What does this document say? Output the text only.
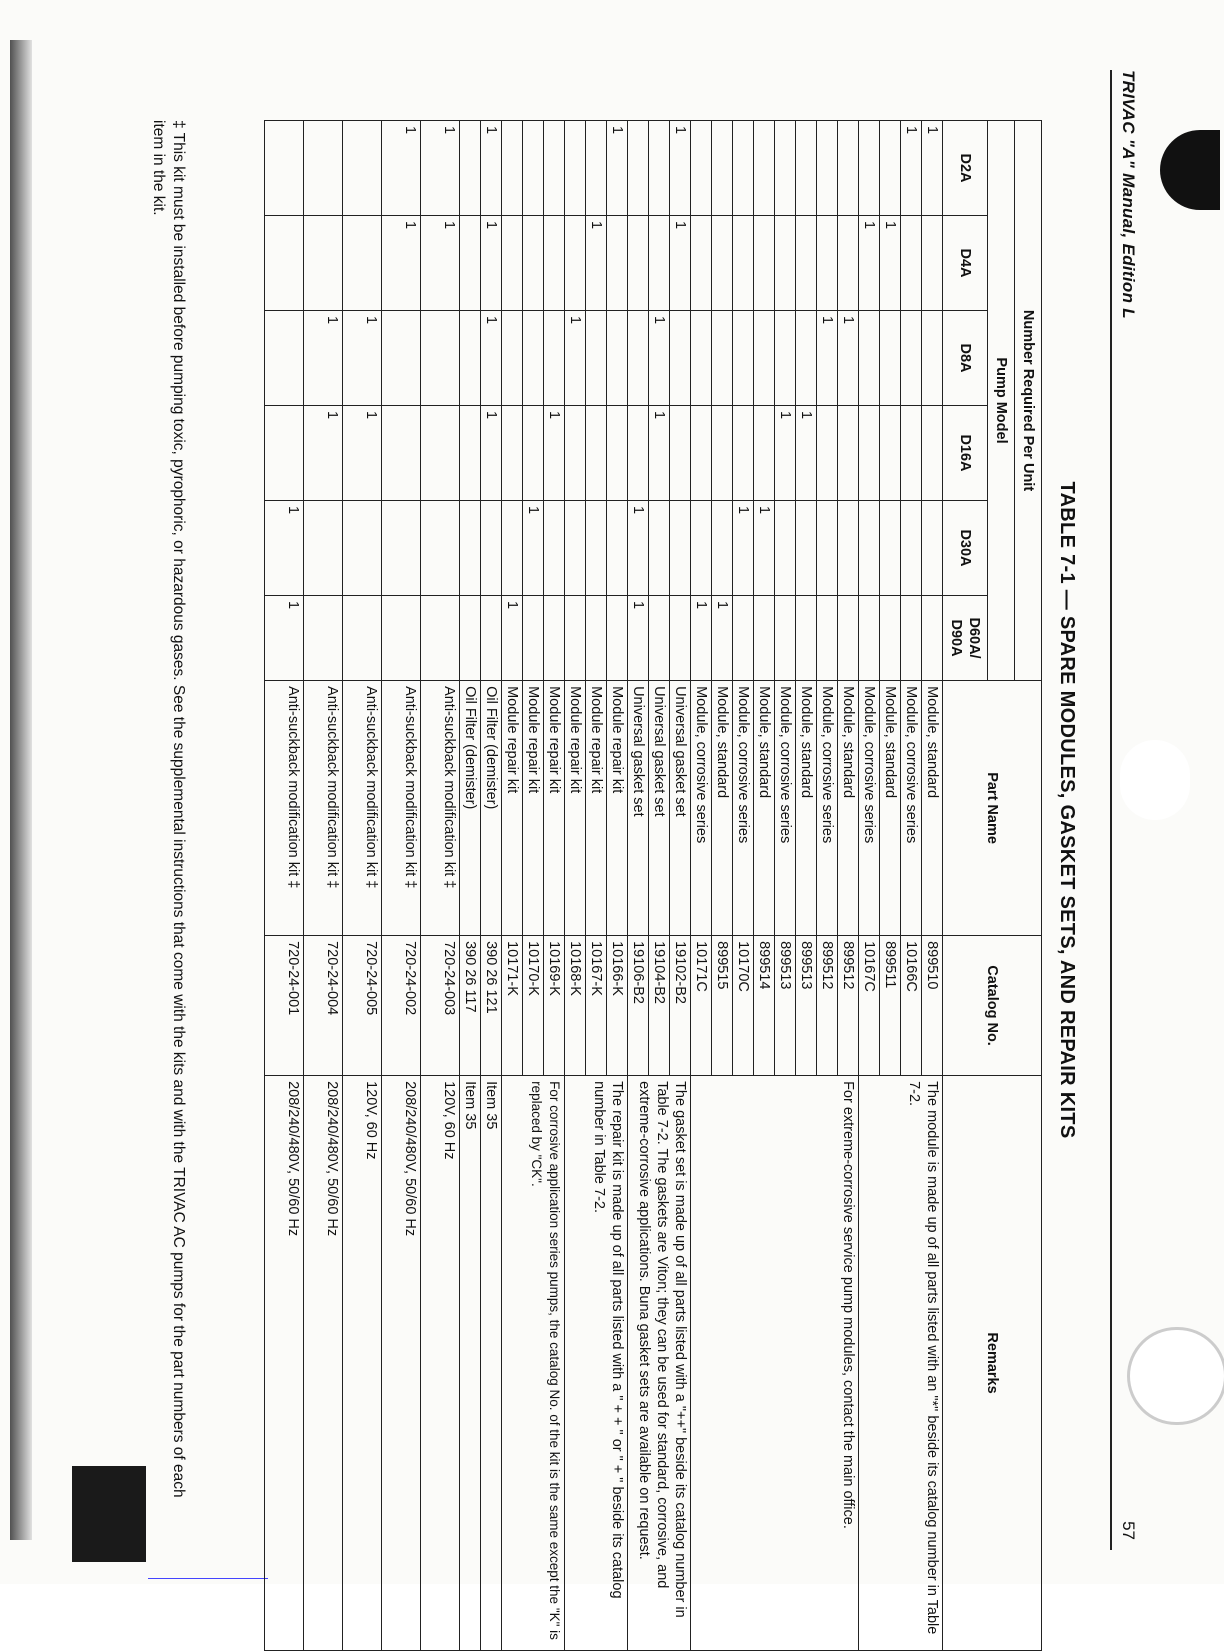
TRIVAC "A" Manual, Edition L
57
TABLE 7-1 — SPARE MODULES, GASKET SETS, AND REPAIR KITS
Number Required Per Unit						Part Name	Catalog No.	Remarks
Pump Model								
D2A	D4A	D8A	D16A	D30A	D60A/ D90A			
1						Module, standard	899510	The module is made up of all parts listed with an "*" beside its catalog number in Table 7-2.
1						Module, corrosive series	10166C	
	1					Module, standard	899511	
	1					Module, corrosive series	10167C	
		1				Module, standard	899512	For extreme-corrosive service pump modules, contact the main office.
		1				Module, corrosive series	899512	
			1			Module, standard	899513	
			1			Module, corrosive series	899513	
				1		Module, standard	899514	
				1		Module, corrosive series	10170C	
					1	Module, standard	899515	
					1	Module, corrosive series	10171C	
1	1					Universal gasket set	19102-B2	The gasket set is made up of all parts listed with a "++" beside its catalog number in Table 7-2. The gaskets are Viton; they can be used for standard, corrosive, and extreme-corrosive applications. Buna gasket sets are available on request.
		1	1			Universal gasket set	19104-B2	
				1	1	Universal gasket set	19106-B2	
1						Module repair kit	10166-K	The repair kit is made up of all parts listed with a " + + " or " + " beside its catalog number in Table 7-2.
	1					Module repair kit	10167-K	
		1				Module repair kit	10168-K	
			1			Module repair kit	10169-K	For corrosive application series pumps, the catalog No. of the kit is the same except the "K" is replaced by "CK".
				1		Module repair kit	10170-K	
					1	Module repair kit	10171-K	
1	1	1	1			Oil Filter (demister)	390 26 121	Item 35
						Oil Filter (demister)	390 26 117	Item 35
1	1					Anti-suckback modification kit ‡	720-24-003	120V, 60 Hz
1	1					Anti-suckback modification kit ‡	720-24-002	208/240/480V, 50/60 Hz
		1	1			Anti-suckback modification kit ‡	720-24-005	120V, 60 Hz
		1	1			Anti-suckback modification kit ‡	720-24-004	208/240/480V, 50/60 Hz
				1	1	Anti-suckback modification kit ‡	720-24-001	208/240/480V, 50/60 Hz
‡ This kit must be installed before pumping toxic, pyrophoric, or hazardous gases. See the supplemental instructions that come with the kits and with the TRIVAC AC pumps for the part numbers of each item in the kit.
